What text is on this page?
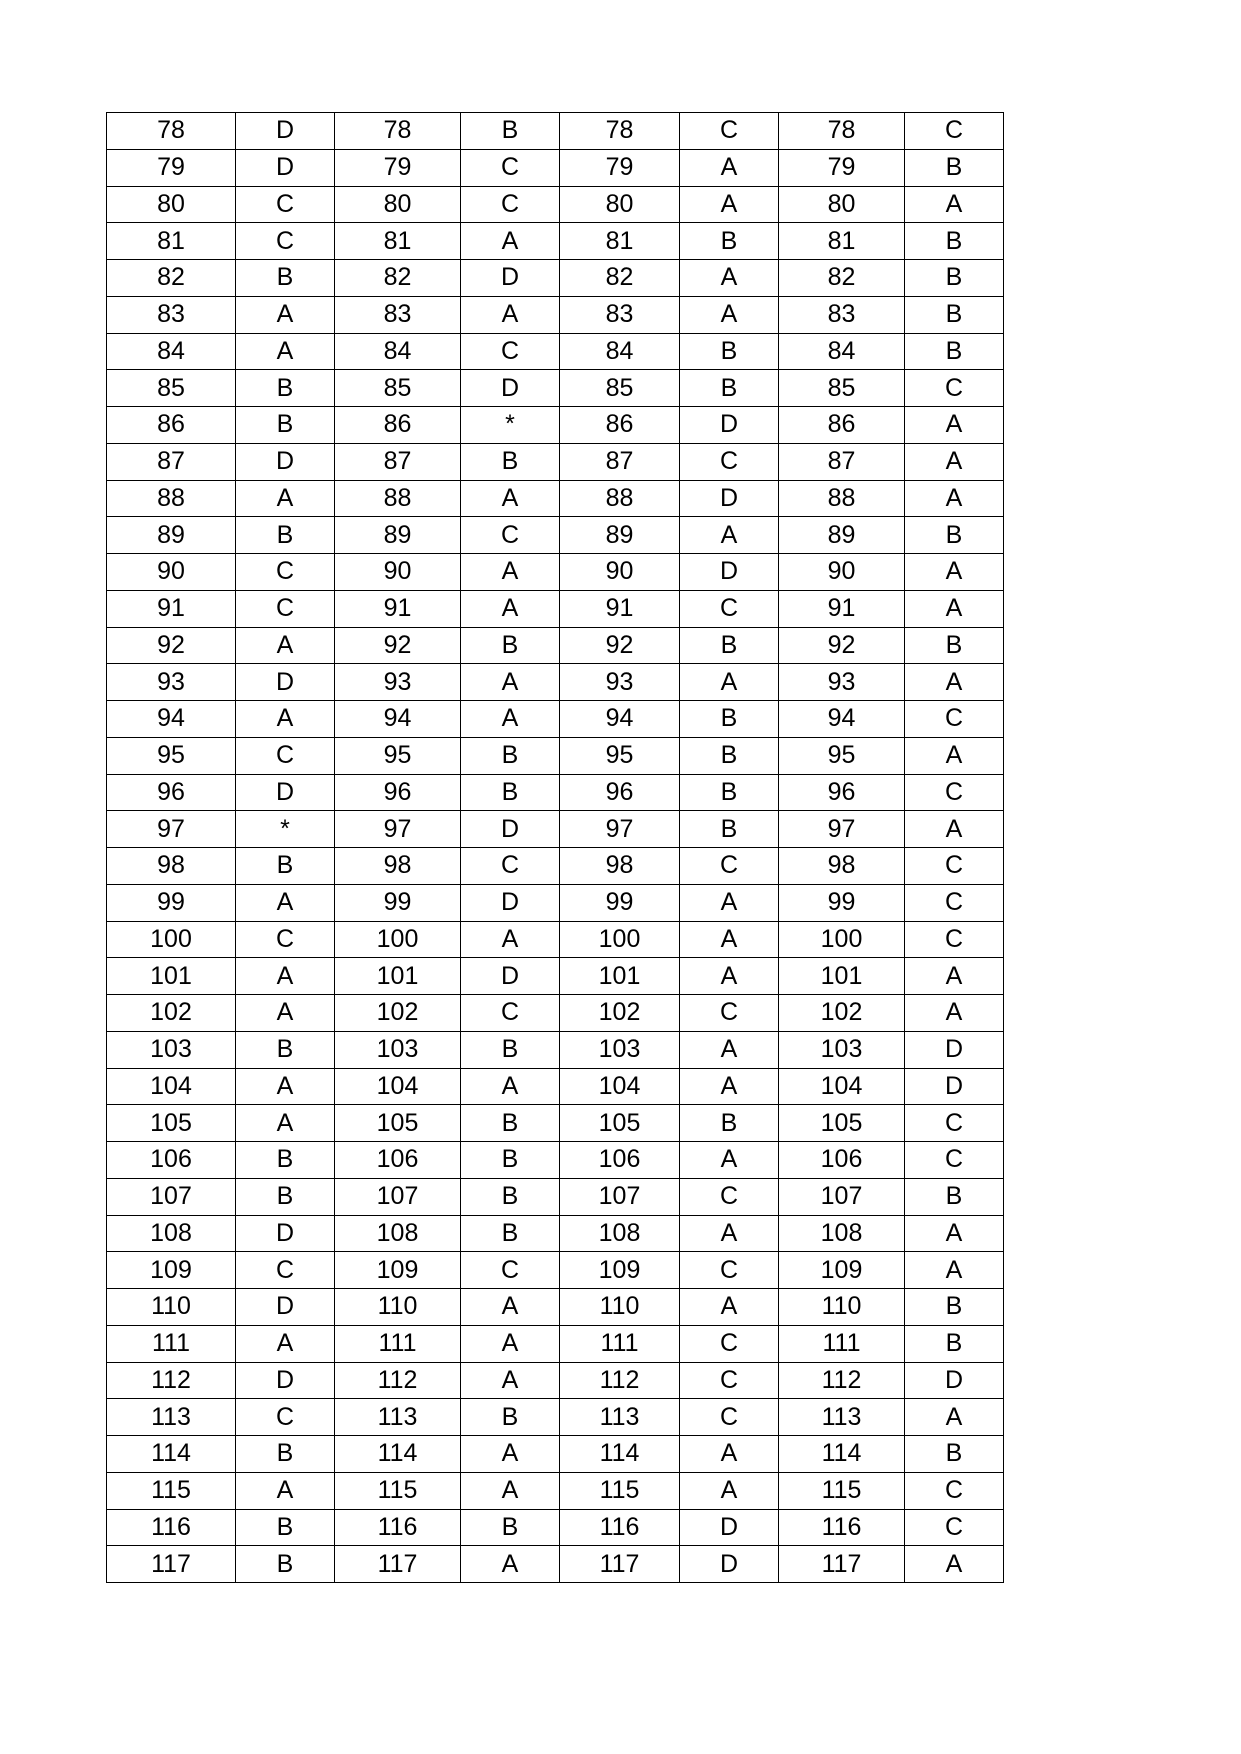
78	D	78	B	78	C	78	C
79	D	79	C	79	A	79	B
80	C	80	C	80	A	80	A
81	C	81	A	81	B	81	B
82	B	82	D	82	A	82	B
83	A	83	A	83	A	83	B
84	A	84	C	84	B	84	B
85	B	85	D	85	B	85	C
86	B	86	*	86	D	86	A
87	D	87	B	87	C	87	A
88	A	88	A	88	D	88	A
89	B	89	C	89	A	89	B
90	C	90	A	90	D	90	A
91	C	91	A	91	C	91	A
92	A	92	B	92	B	92	B
93	D	93	A	93	A	93	A
94	A	94	A	94	B	94	C
95	C	95	B	95	B	95	A
96	D	96	B	96	B	96	C
97	*	97	D	97	B	97	A
98	B	98	C	98	C	98	C
99	A	99	D	99	A	99	C
100	C	100	A	100	A	100	C
101	A	101	D	101	A	101	A
102	A	102	C	102	C	102	A
103	B	103	B	103	A	103	D
104	A	104	A	104	A	104	D
105	A	105	B	105	B	105	C
106	B	106	B	106	A	106	C
107	B	107	B	107	C	107	B
108	D	108	B	108	A	108	A
109	C	109	C	109	C	109	A
110	D	110	A	110	A	110	B
111	A	111	A	111	C	111	B
112	D	112	A	112	C	112	D
113	C	113	B	113	C	113	A
114	B	114	A	114	A	114	B
115	A	115	A	115	A	115	C
116	B	116	B	116	D	116	C
117	B	117	A	117	D	117	A
